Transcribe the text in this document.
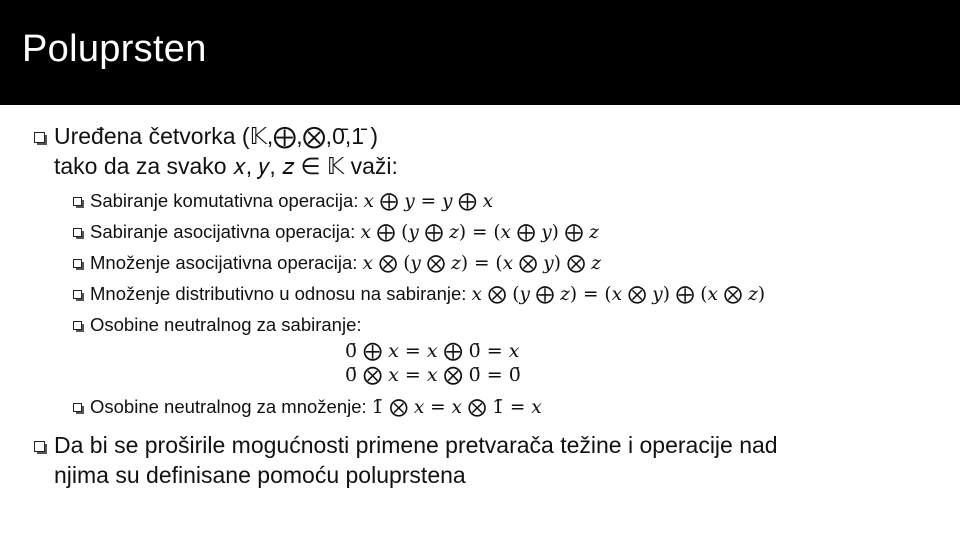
Poluprsten
Uređena četvorka (𝕂,⨁,⨂,0̄,1̄ )
tako da za svako 𝑥, 𝑦, 𝑧 ∈ 𝕂 važi:
Sabiranje komutativna operacija: 𝑥 ⨁ 𝑦 = 𝑦 ⨁ 𝑥
Sabiranje asocijativna operacija: 𝑥 ⨁ (𝑦 ⨁ 𝑧) = (𝑥 ⨁ 𝑦) ⨁ 𝑧
Množenje asocijativna operacija: 𝑥 ⨂ (𝑦 ⨂ 𝑧) = (𝑥 ⨂ 𝑦) ⨂ 𝑧
Množenje distributivno u odnosu na sabiranje: 𝑥 ⨂ (𝑦 ⨁ 𝑧) = (𝑥 ⨂ 𝑦) ⨁ (𝑥 ⨂ 𝑧)
Osobine neutralnog za sabiranje:
0̄ ⨁ 𝑥 = 𝑥 ⨁ 0̄ = 𝑥
0̄ ⨂ 𝑥 = 𝑥 ⨂ 0̄ = 0̄
Osobine neutralnog za množenje: 1̄ ⨂ 𝑥 = 𝑥 ⨂ 1̄ = 𝑥
Da bi se proširile mogućnosti primene pretvarača težine i operacije nad
njima su definisane pomoću poluprstena
